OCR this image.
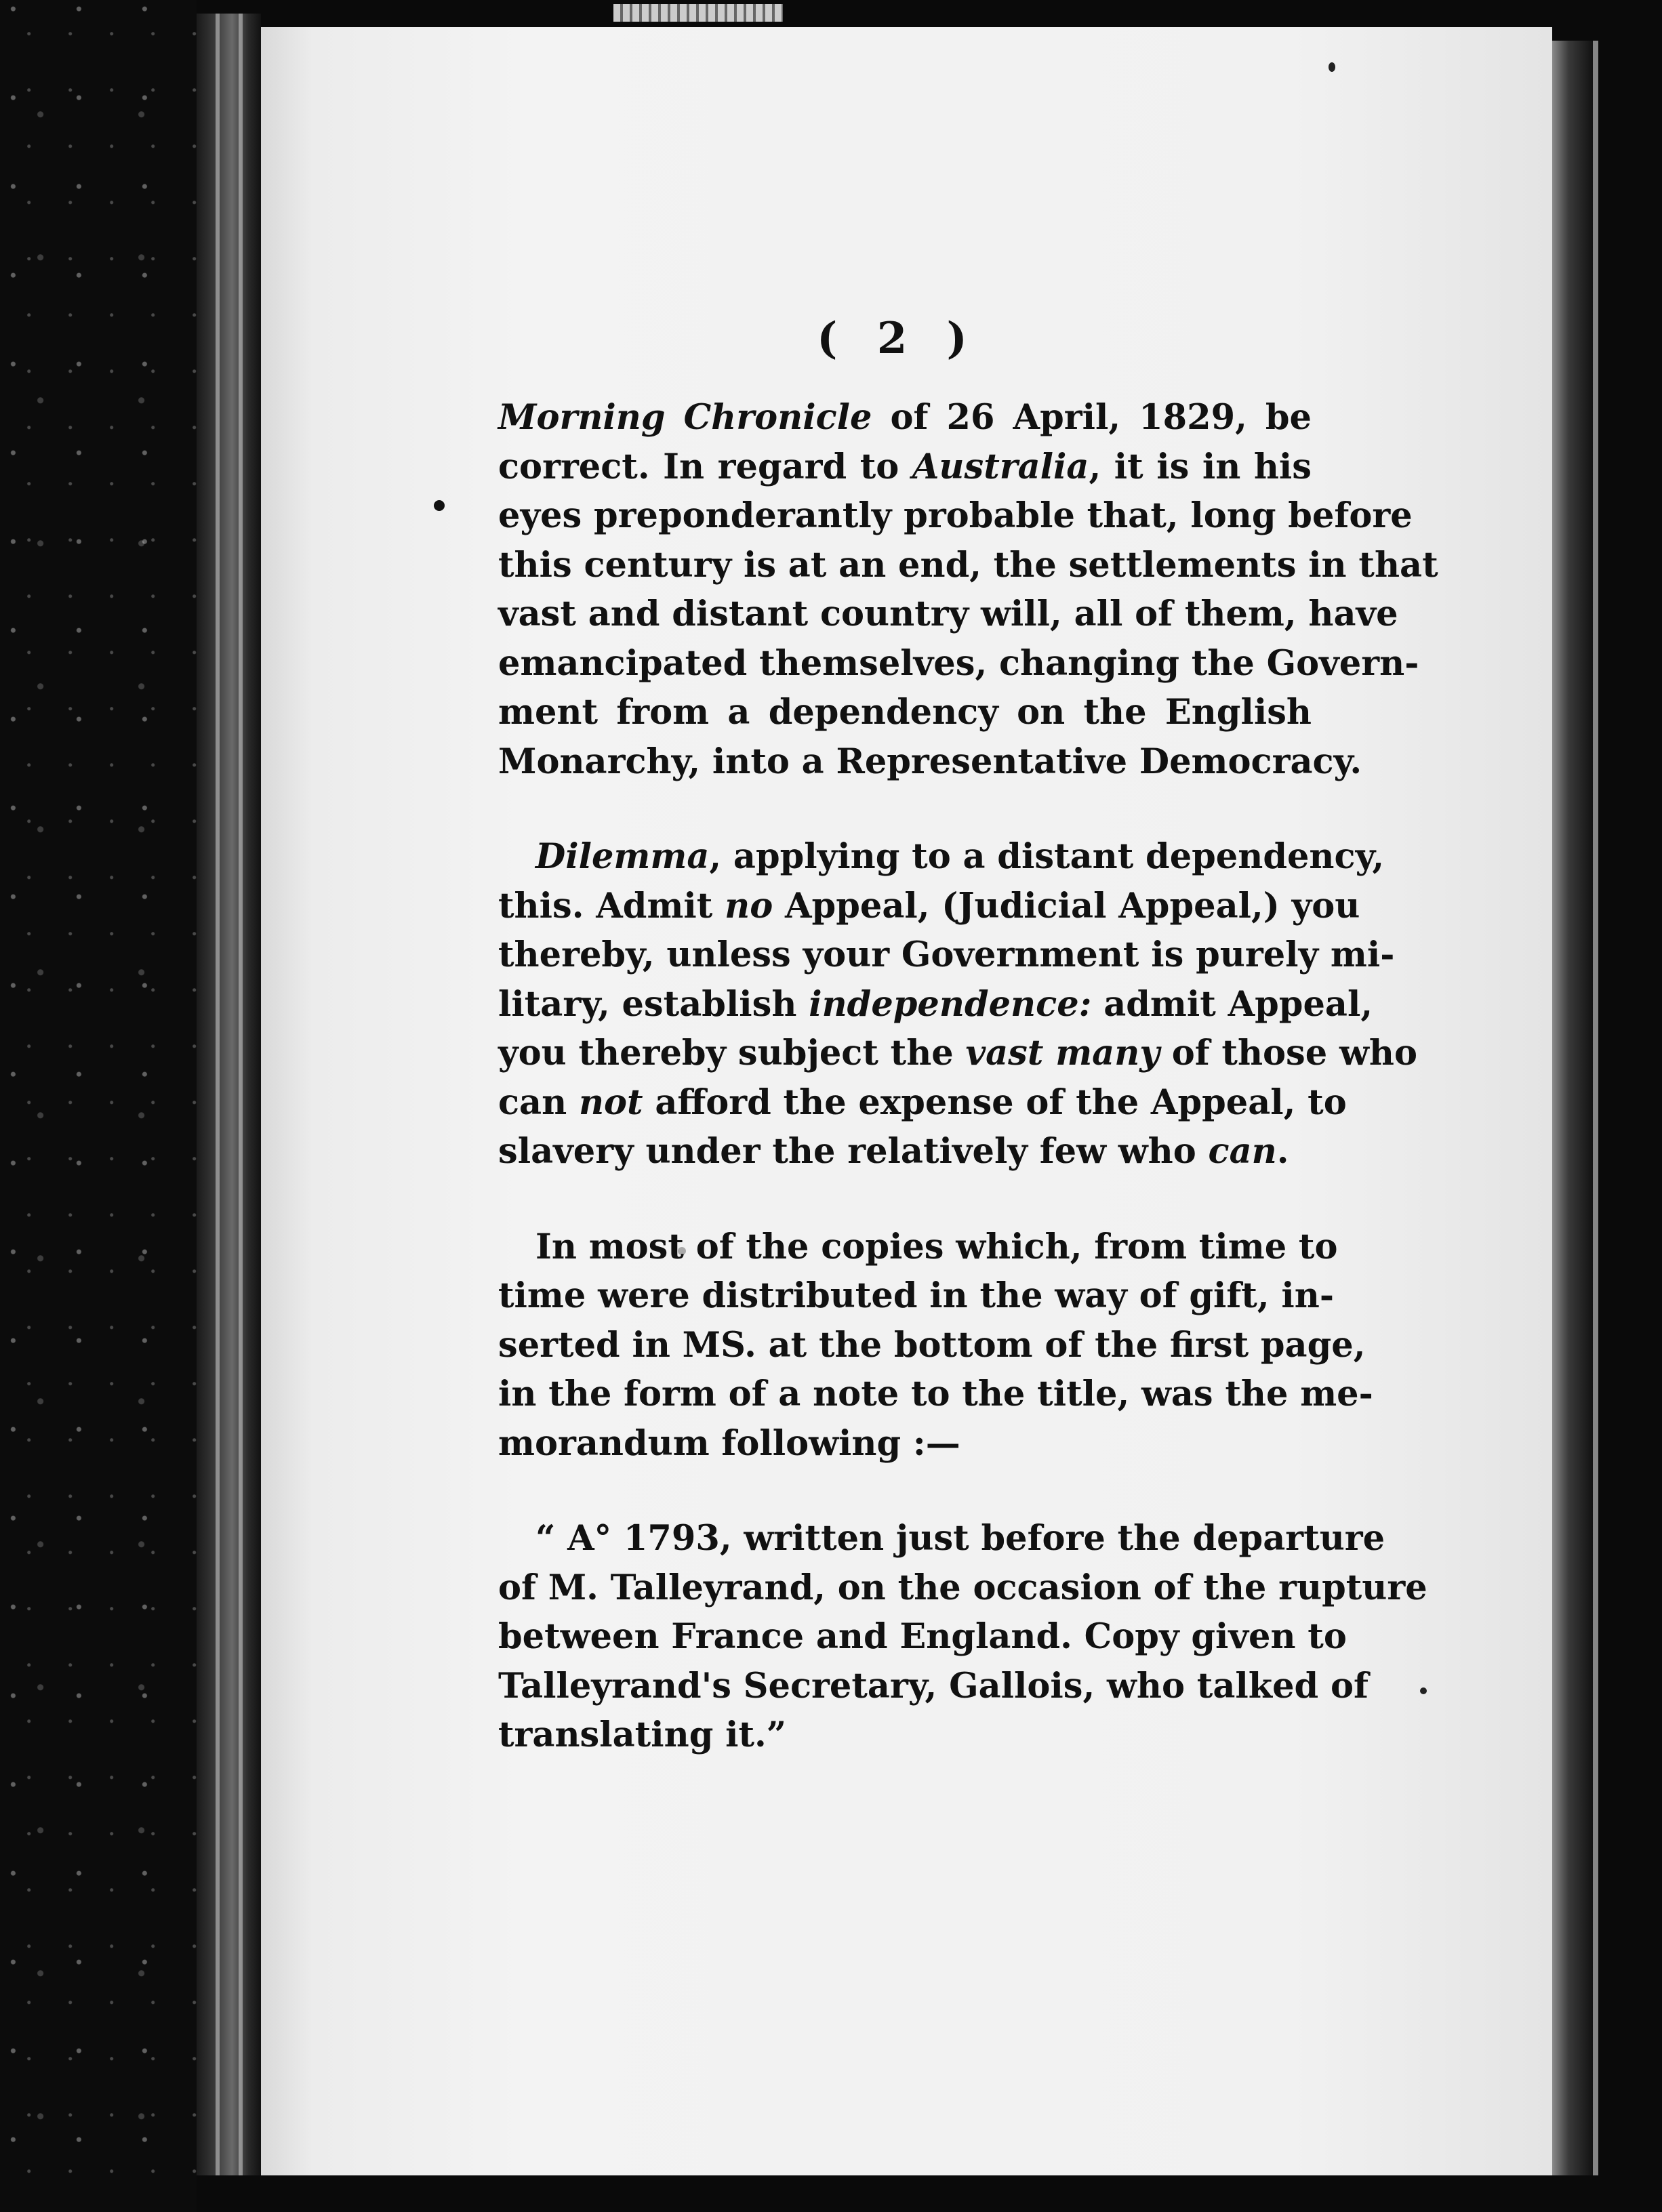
( 2 )
Morning Chronicle of 26 April, 1829, be
correct. In regard to Australia, it is in his
eyes preponderantly probable that, long before
this century is at an end, the settlements in that
vast and distant country will, all of them, have
emancipated themselves, changing the Govern-
ment from a dependency on the English
Monarchy, into a Representative Democracy.
Dilemma, applying to a distant dependency,
this. Admit no Appeal, (Judicial Appeal,) you
thereby, unless your Government is purely mi-
litary, establish independence: admit Appeal,
you thereby subject the vast many of those who
can not afford the expense of the Appeal, to
slavery under the relatively few who can.
In most of the copies which, from time to
time were distributed in the way of gift, in-
serted in MS. at the bottom of the first page,
in the form of a note to the title, was the me-
morandum following :—
“ A° 1793, written just before the departure
of M. Talleyrand, on the occasion of the rupture
between France and England. Copy given to
Talleyrand's Secretary, Gallois, who talked of
translating it.”
